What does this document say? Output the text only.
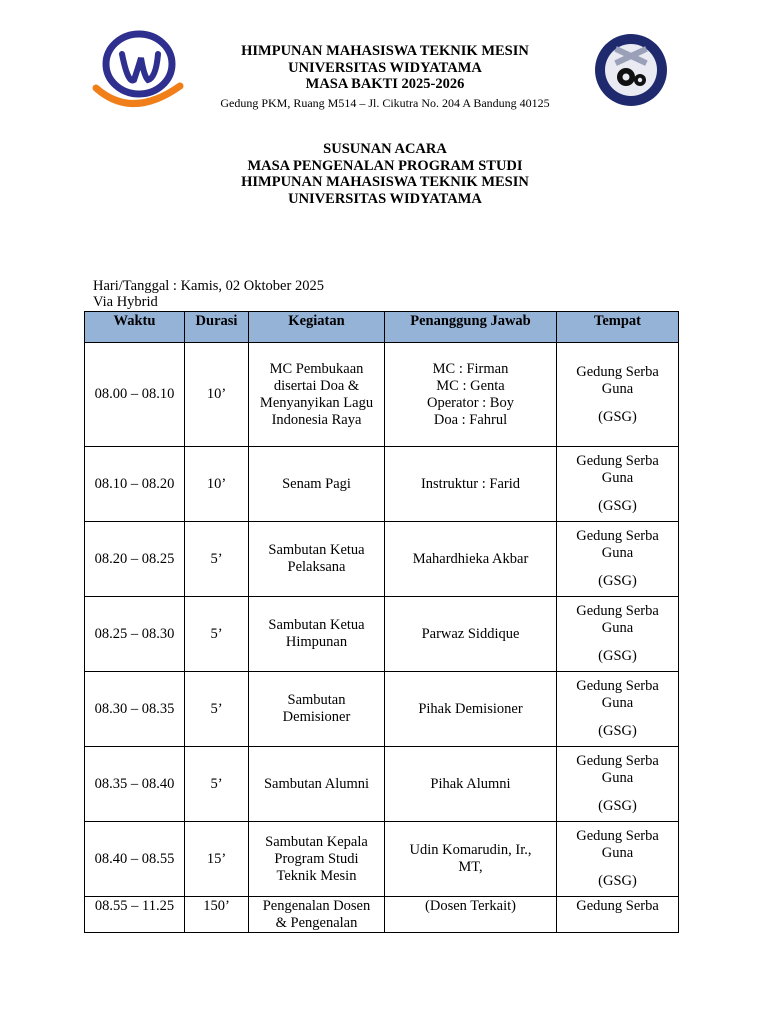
HIMPUNAN MAHASISWA TEKNIK MESIN
UNIVERSITAS WIDYATAMA
MASA BAKTI 2025-2026
Gedung PKM, Ruang M514 – Jl. Cikutra No. 204 A Bandung 40125
SUSUNAN ACARA
MASA PENGENALAN PROGRAM STUDI
HIMPUNAN MAHASISWA TEKNIK MESIN
UNIVERSITAS WIDYATAMA
Hari/Tanggal : Kamis, 02 Oktober 2025
Via Hybrid
Waktu	Durasi	Kegiatan	Penanggung Jawab	Tempat
08.00 – 08.10	10’	MC Pembukaan
disertai Doa &
Menyanyikan Lagu
Indonesia Raya	MC : Firman
MC : Genta
Operator : Boy
Doa : Fahrul	Gedung Serba
Guna
(GSG)

08.10 – 08.20	10’	Senam Pagi	Instruktur : Farid	Gedung Serba
Guna
(GSG)

08.20 – 08.25	5’	Sambutan Ketua
Pelaksana	Mahardhieka Akbar	Gedung Serba
Guna
(GSG)

08.25 – 08.30	5’	Sambutan Ketua
Himpunan	Parwaz Siddique	Gedung Serba
Guna
(GSG)

08.30 – 08.35	5’	Sambutan
Demisioner	Pihak Demisioner	Gedung Serba
Guna
(GSG)

08.35 – 08.40	5’	Sambutan Alumni	Pihak Alumni	Gedung Serba
Guna
(GSG)

08.40 – 08.55	15’	Sambutan Kepala
Program Studi
Teknik Mesin	Udin Komarudin, Ir.,
MT,	Gedung Serba
Guna
(GSG)

08.55 – 11.25	150’	Pengenalan Dosen
& Pengenalan	(Dosen Terkait)	Gedung Serba
